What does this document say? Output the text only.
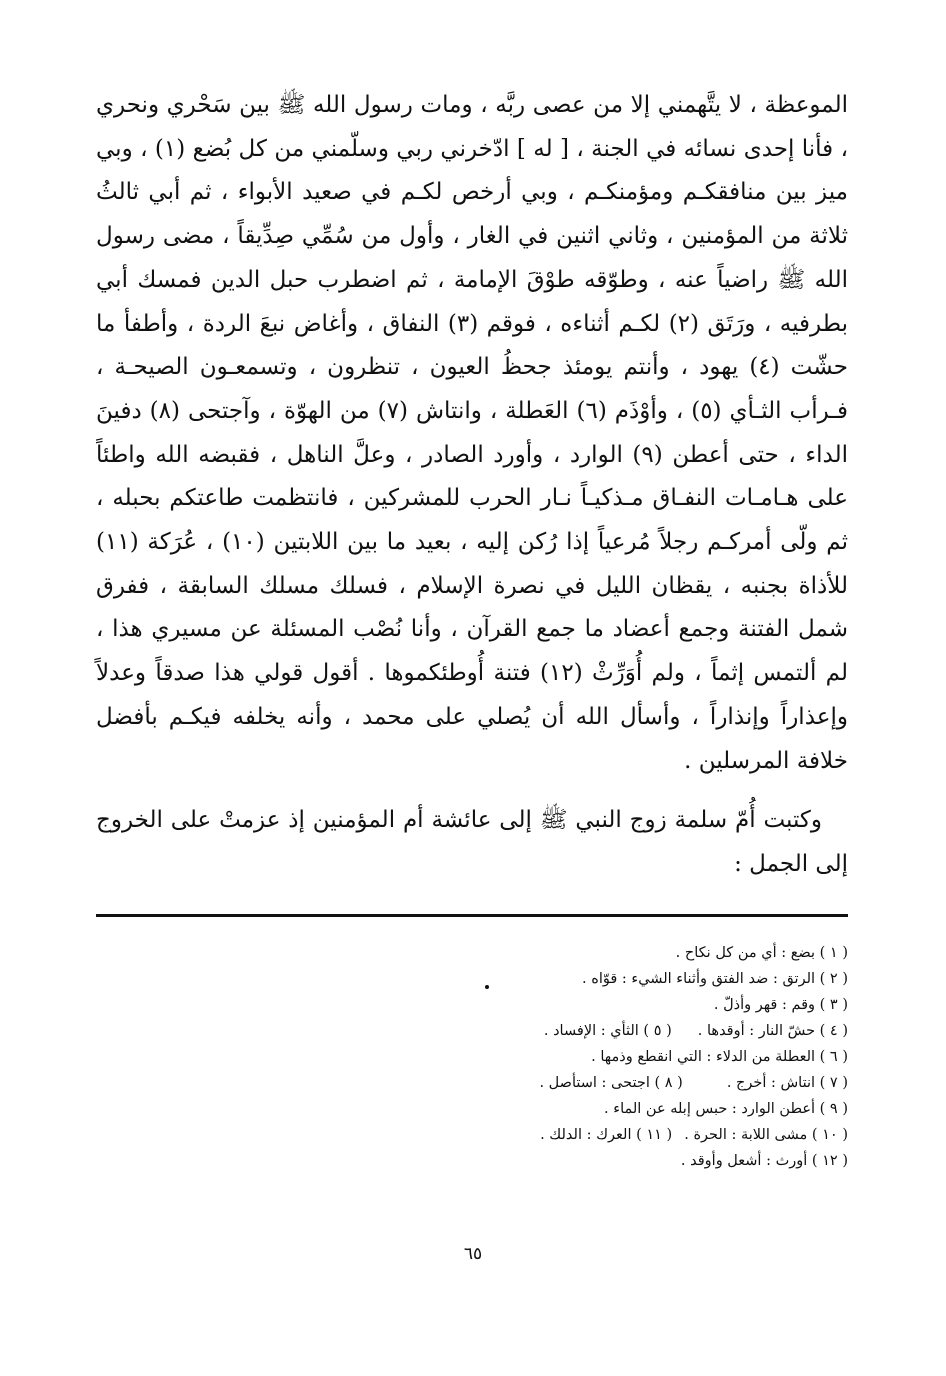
الموعظة ، لا يتَّهمني إلا من عصى ربَّه ، ومات رسول الله ﷺ بين سَحْري ونحري ، فأنا إحدى نسائه في الجنة ، [ له ] ادّخرني ربي وسلّمني من كل بُضع (١) ، وبي ميز بين منافقكـم ومؤمنكـم ، وبي أرخص لكـم في صعيد الأبواء ، ثم أبي ثالثُ ثلاثة من المؤمنين ، وثاني اثنين في الغار ، وأول من سُمِّي صِدِّيقاً ، مضى رسول الله ﷺ راضياً عنه ، وطوّقه طوْقَ الإمامة ، ثم اضطرب حبل الدين فمسك أبي بطرفيه ، ورَتَق (٢) لكـم أثناءه ، فوقم (٣) النفاق ، وأغاض نبعَ الردة ، وأطفأ ما حشّت (٤) يهود ، وأنتم يومئذ جحظُ العيون ، تنظرون ، وتسمعـون الصيحـة ، فـرأب الثـأي (٥) ، وأوْذَم (٦) العَطلة ، وانتاش (٧) من الهوّة ، وآجتحى (٨) دفينَ الداء ، حتى أعطن (٩) الوارد ، وأورد الصادر ، وعلَّ الناهل ، فقبضه الله واطئاً على هـامـات النفـاق مـذكيـاً نـار الحرب للمشركين ، فانتظمت طاعتكم بحبله ، ثم ولّى أمركـم رجلاً مُرعياً إذا رُكن إليه ، بعيد ما بين اللابتين (١٠) ، عُرَكة (١١) للأذاة بجنبه ، يقظان الليل في نصرة الإسلام ، فسلك مسلك السابقة ، ففرق شمل الفتنة وجمع أعضاد ما جمع القرآن ، وأنا نُصْب المسئلة عن مسيري هذا ، لم ألتمس إثماً ، ولم أُوَرِّثْ (١٢) فتنة أُوطئكموها . أقول قولي هذا صدقاً وعدلاً وإعذاراً وإنذاراً ، وأسأل الله أن يُصلي على محمد ، وأنه يخلفه فيكـم بأفضل خلافة المرسلين .

وكتبت أُمّ سلمة زوج النبي ﷺ إلى عائشة أم المؤمنين إذ عزمتْ على الخروج إلى الجمل :

( ١ ) بضع : أي من كل نكاح .
( ٢ ) الرتق : ضد الفتق وأثناء الشيء : قوّاه .
( ٣ ) وقم : قهر وأذلّ .
( ٤ ) حشّ النار : أوقدها .( ٥ ) الثأي : الإفساد .
( ٦ ) العطلة من الدلاء : التي انقطع وذمها .
( ٧ ) انتاش : أخرج .( ٨ ) اجتحى : استأصل .
( ٩ ) أعطن الوارد : حبس إبله عن الماء .
( ١٠ ) مشى اللابة : الحرة .( ١١ ) العرك : الدلك .
( ١٢ ) أورث : أشعل وأوقد .
٦٥
